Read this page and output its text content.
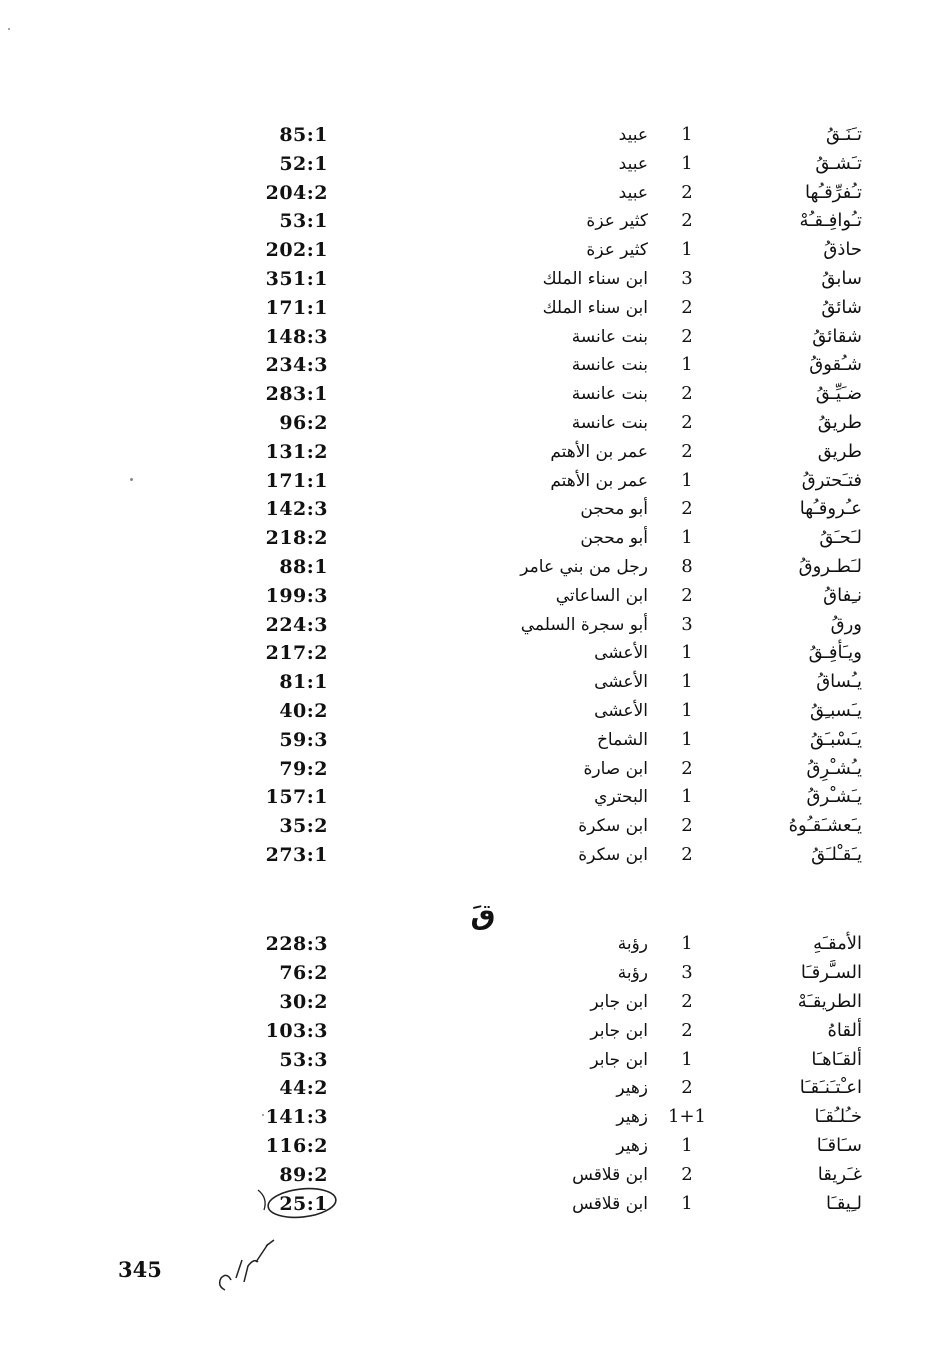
85:1	عبيد	1	تـَنَـقُ
52:1	عبيد	1	تـَشـقُ
204:2	عبيد	2	تـُفرِّقـُها
53:1	كثير عزة	2	تـُوافِـقـُهْ
202:1	كثير عزة	1	حاذقُ
351:1	ابن سناء الملك	3	سابقُ
171:1	ابن سناء الملك	2	شائقُ
148:3	بنت عانسة	2	شقائقُ
234:3	بنت عانسة	1	شـُقوقُ
283:1	بنت عانسة	2	ضـَيِّـقُ
96:2	بنت عانسة	2	طريقُ
131:2	عمر بن الأهتم	2	طريق
171:1	عمر بن الأهتم	1	فتـَحترقُ
142:3	أبو محجن	2	عـُروقـُها
218:2	أبو محجن	1	لـَحـَقُ
88:1	رجل من بني عامر	8	لـَطـروقُ
199:3	ابن الساعاتي	2	نـِفاقُ
224:3	أبو سجرة السلمي	3	ورقُ
217:2	الأعشى	1	ويـَأفِـقُ
81:1	الأعشى	1	يـُساقُ
40:2	الأعشى	1	يـَسبـِقُ
59:3	الشماخ	1	يـَسْبـَقُ
79:2	ابن صارة	2	يـُشـْرِقُ
157:1	البحتري	1	يـَشـْرقُ
35:2	ابن سكرة	2	يـَعشـَقـُوهُ
273:1	ابن سكرة	2	يـَقـْلـَقُ
قَ
228:3	رؤبة	1	الأمقـَهِ
76:2	رؤبة	3	السـَّرقـَا
30:2	ابن جابر	2	الطريقـَهْ
103:3	ابن جابر	2	ألقاهُ
53:3	ابن جابر	1	ألقـَاهـَا
44:2	زهير	2	اعـْتـَنـَقـَا
141:3	زهير	1+1	خـُلـُقـَا
116:2	زهير	1	سـَاقـَا
89:2	ابن قلاقس	2	غـَريقا
25:1	ابن قلاقس	1	لـِيقـَا
345
